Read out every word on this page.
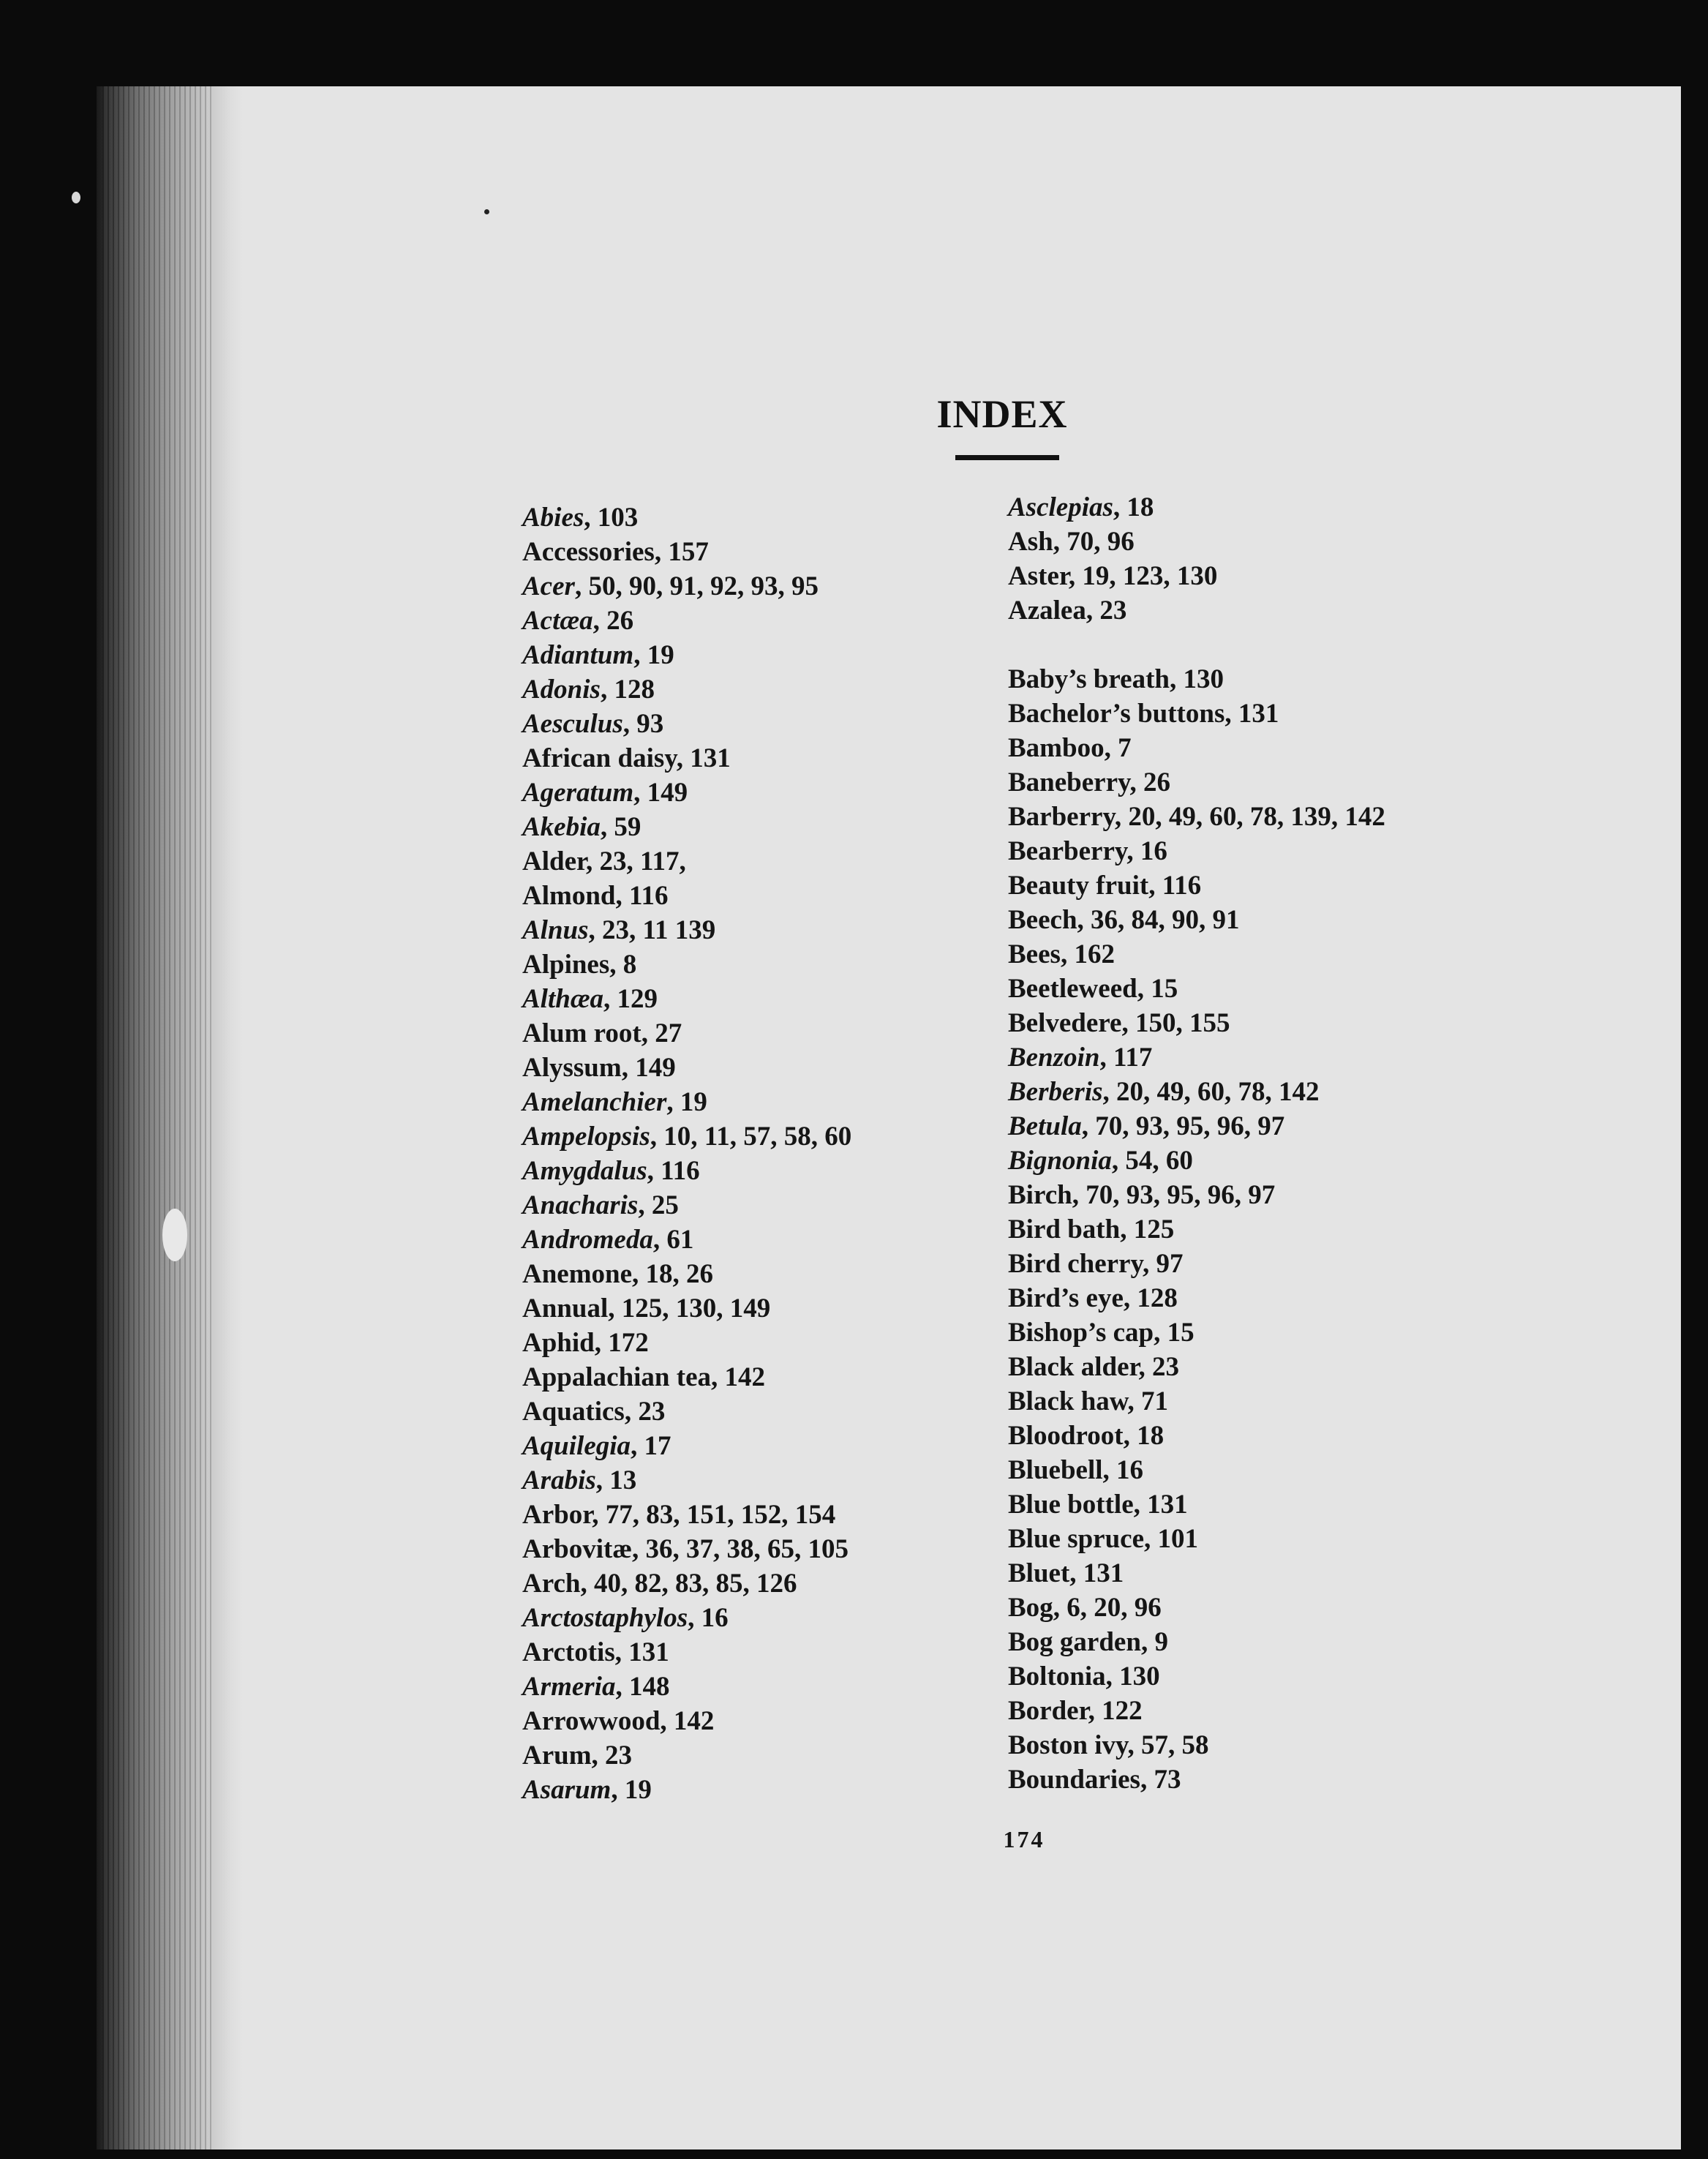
INDEX
Abies, 103
Accessories, 157
Acer, 50, 90, 91, 92, 93, 95
Actæa, 26
Adiantum, 19
Adonis, 128
Aesculus, 93
African daisy, 131
Ageratum, 149
Akebia, 59
Alder, 23, 117,
Almond, 116
Alnus, 23, 11 139
Alpines, 8
Althæa, 129
Alum root, 27
Alyssum, 149
Amelanchier, 19
Ampelopsis, 10, 11, 57, 58, 60
Amygdalus, 116
Anacharis, 25
Andromeda, 61
Anemone, 18, 26
Annual, 125, 130, 149
Aphid, 172
Appalachian tea, 142
Aquatics, 23
Aquilegia, 17
Arabis, 13
Arbor, 77, 83, 151, 152, 154
Arbovitæ, 36, 37, 38, 65, 105
Arch, 40, 82, 83, 85, 126
Arctostaphylos, 16
Arctotis, 131
Armeria, 148
Arrowwood, 142
Arum, 23
Asarum, 19
Asclepias, 18
Ash, 70, 96
Aster, 19, 123, 130
Azalea, 23
Baby’s breath, 130
Bachelor’s buttons, 131
Bamboo, 7
Baneberry, 26
Barberry, 20, 49, 60, 78, 139, 142
Bearberry, 16
Beauty fruit, 116
Beech, 36, 84, 90, 91
Bees, 162
Beetleweed, 15
Belvedere, 150, 155
Benzoin, 117
Berberis, 20, 49, 60, 78, 142
Betula, 70, 93, 95, 96, 97
Bignonia, 54, 60
Birch, 70, 93, 95, 96, 97
Bird bath, 125
Bird cherry, 97
Bird’s eye, 128
Bishop’s cap, 15
Black alder, 23
Black haw, 71
Bloodroot, 18
Bluebell, 16
Blue bottle, 131
Blue spruce, 101
Bluet, 131
Bog, 6, 20, 96
Bog garden, 9
Boltonia, 130
Border, 122
Boston ivy, 57, 58
Boundaries, 73
174
